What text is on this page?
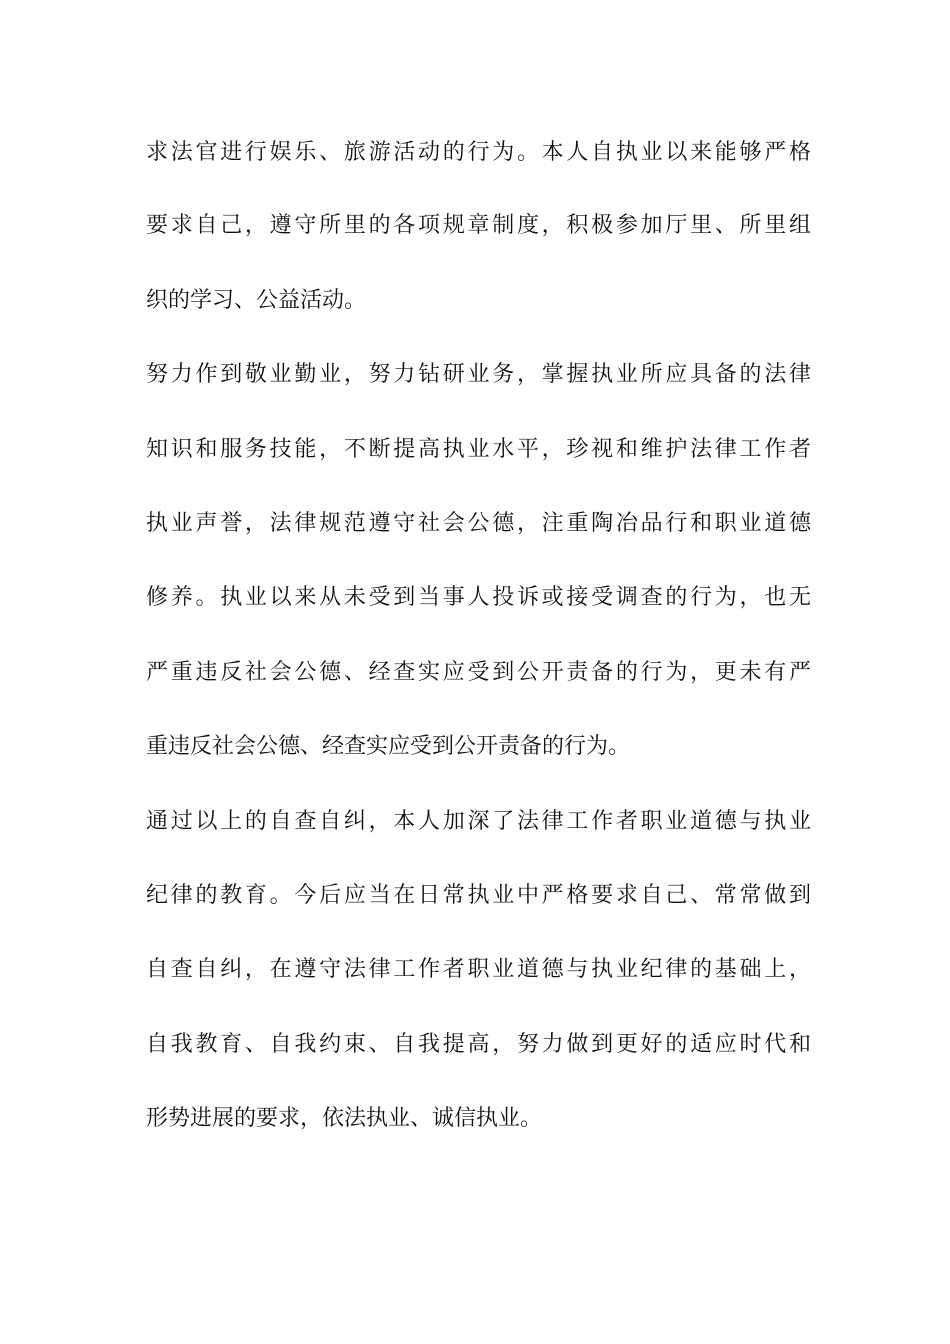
求法官进行娱乐、旅游活动的行为。本人自执业以来能够严格
要求自己，遵守所里的各项规章制度，积极参加厅里、所里组
织的学习、公益活动。
努力作到敬业勤业，努力钻研业务，掌握执业所应具备的法律
知识和服务技能，不断提高执业水平，珍视和维护法律工作者
执业声誉，法律规范遵守社会公德，注重陶冶品行和职业道德
修养。执业以来从未受到当事人投诉或接受调查的行为，也无
严重违反社会公德、经查实应受到公开责备的行为，更未有严
重违反社会公德、经查实应受到公开责备的行为。
通过以上的自查自纠，本人加深了法律工作者职业道德与执业
纪律的教育。今后应当在日常执业中严格要求自己、常常做到
自查自纠，在遵守法律工作者职业道德与执业纪律的基础上，
自我教育、自我约束、自我提高，努力做到更好的适应时代和
形势进展的要求，依法执业、诚信执业。
